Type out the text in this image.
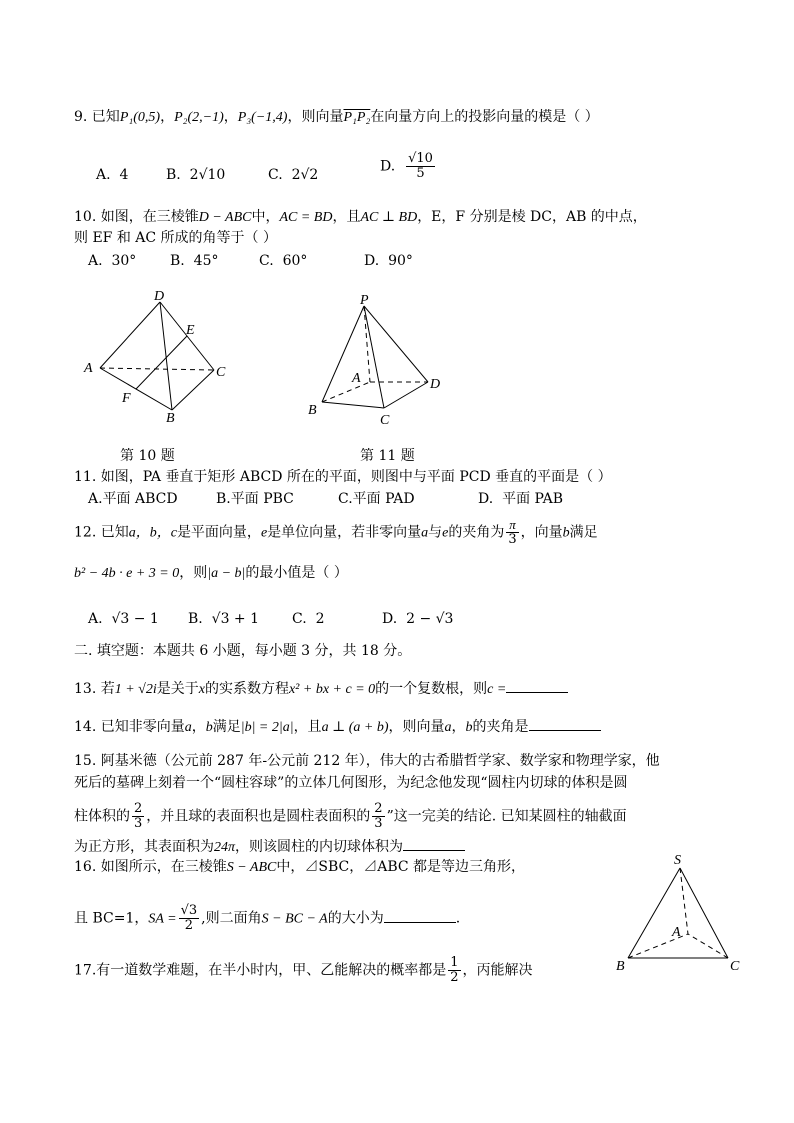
9. 已知P₁(0,5)，P₂(2,−1)，P₃(−1,4)，则向量P₁P₂在向量方向上的投影向量的模是（ ）
A. 4	B. 2√10	C. 2√2
D. $\frac{√10}{5}$
10. 如图，在三棱锥D − ABC中，AC = BD，且AC ⊥ BD，E，F 分别是棱 DC，AB 的中点，
则 EF 和 AC 所成的角等于（ ）
A. 30° B. 45°	C. 60°	D. 90°
D
E
A	C
F
B
第 10 题
P
A	D
B
C
第 11 题
11. 如图，PA 垂直于矩形 ABCD 所在的平面，则图中与平面 PCD 垂直的平面是（ ）
A.平面 ABCD	B.平面 PBC	C.平面 PAD	D. 平面 PAB
12. 已知a，b，c是平面向量，e是单位向量，若非零向量a与e的夹角为 $\frac{\pi}{3}$ ，向量b满足
b² − 4b · e + 3 = 0，则|a − b|的最小值是（ ）
A. √3 − 1 B. √3 + 1 C. 2	D. 2 − √3
二. 填空题：本题共 6 小题，每小题 3 分，共 18 分。
13. 若1 + √2i是关于x的实系数方程x² + bx + c = 0的一个复数根，则c =
14. 已知非零向量a，b满足|b| = 2|a|，且a ⊥ (a + b)，则向量a，b的夹角是
15. 阿基米德（公元前 287 年-公元前 212 年），伟大的古希腊哲学家、数学家和物理学家，他
死后的墓碑上刻着一个“圆柱容球”的立体几何图形，为纪念他发现“圆柱内切球的体积是圆
柱体积的 $\frac{2}{3}$ ，并且球的表面积也是圆柱表面积的 $\frac{2}{3}$ ”这一完美的结论. 已知某圆柱的轴截面
为正方形，其表面积为24π，则该圆柱的内切球体积为
16. 如图所示，在三棱锥S − ABC中，⊿SBC，⊿ABC 都是等边三角形，
且 BC=1，SA = $\frac{√3}{2}$ ,则二面角S − BC − A的大小为	.
S
A
B	C
17.有一道数学难题，在半小时内，甲、乙能解决的概率都是 $\frac{1}{2}$ ，丙能解决
